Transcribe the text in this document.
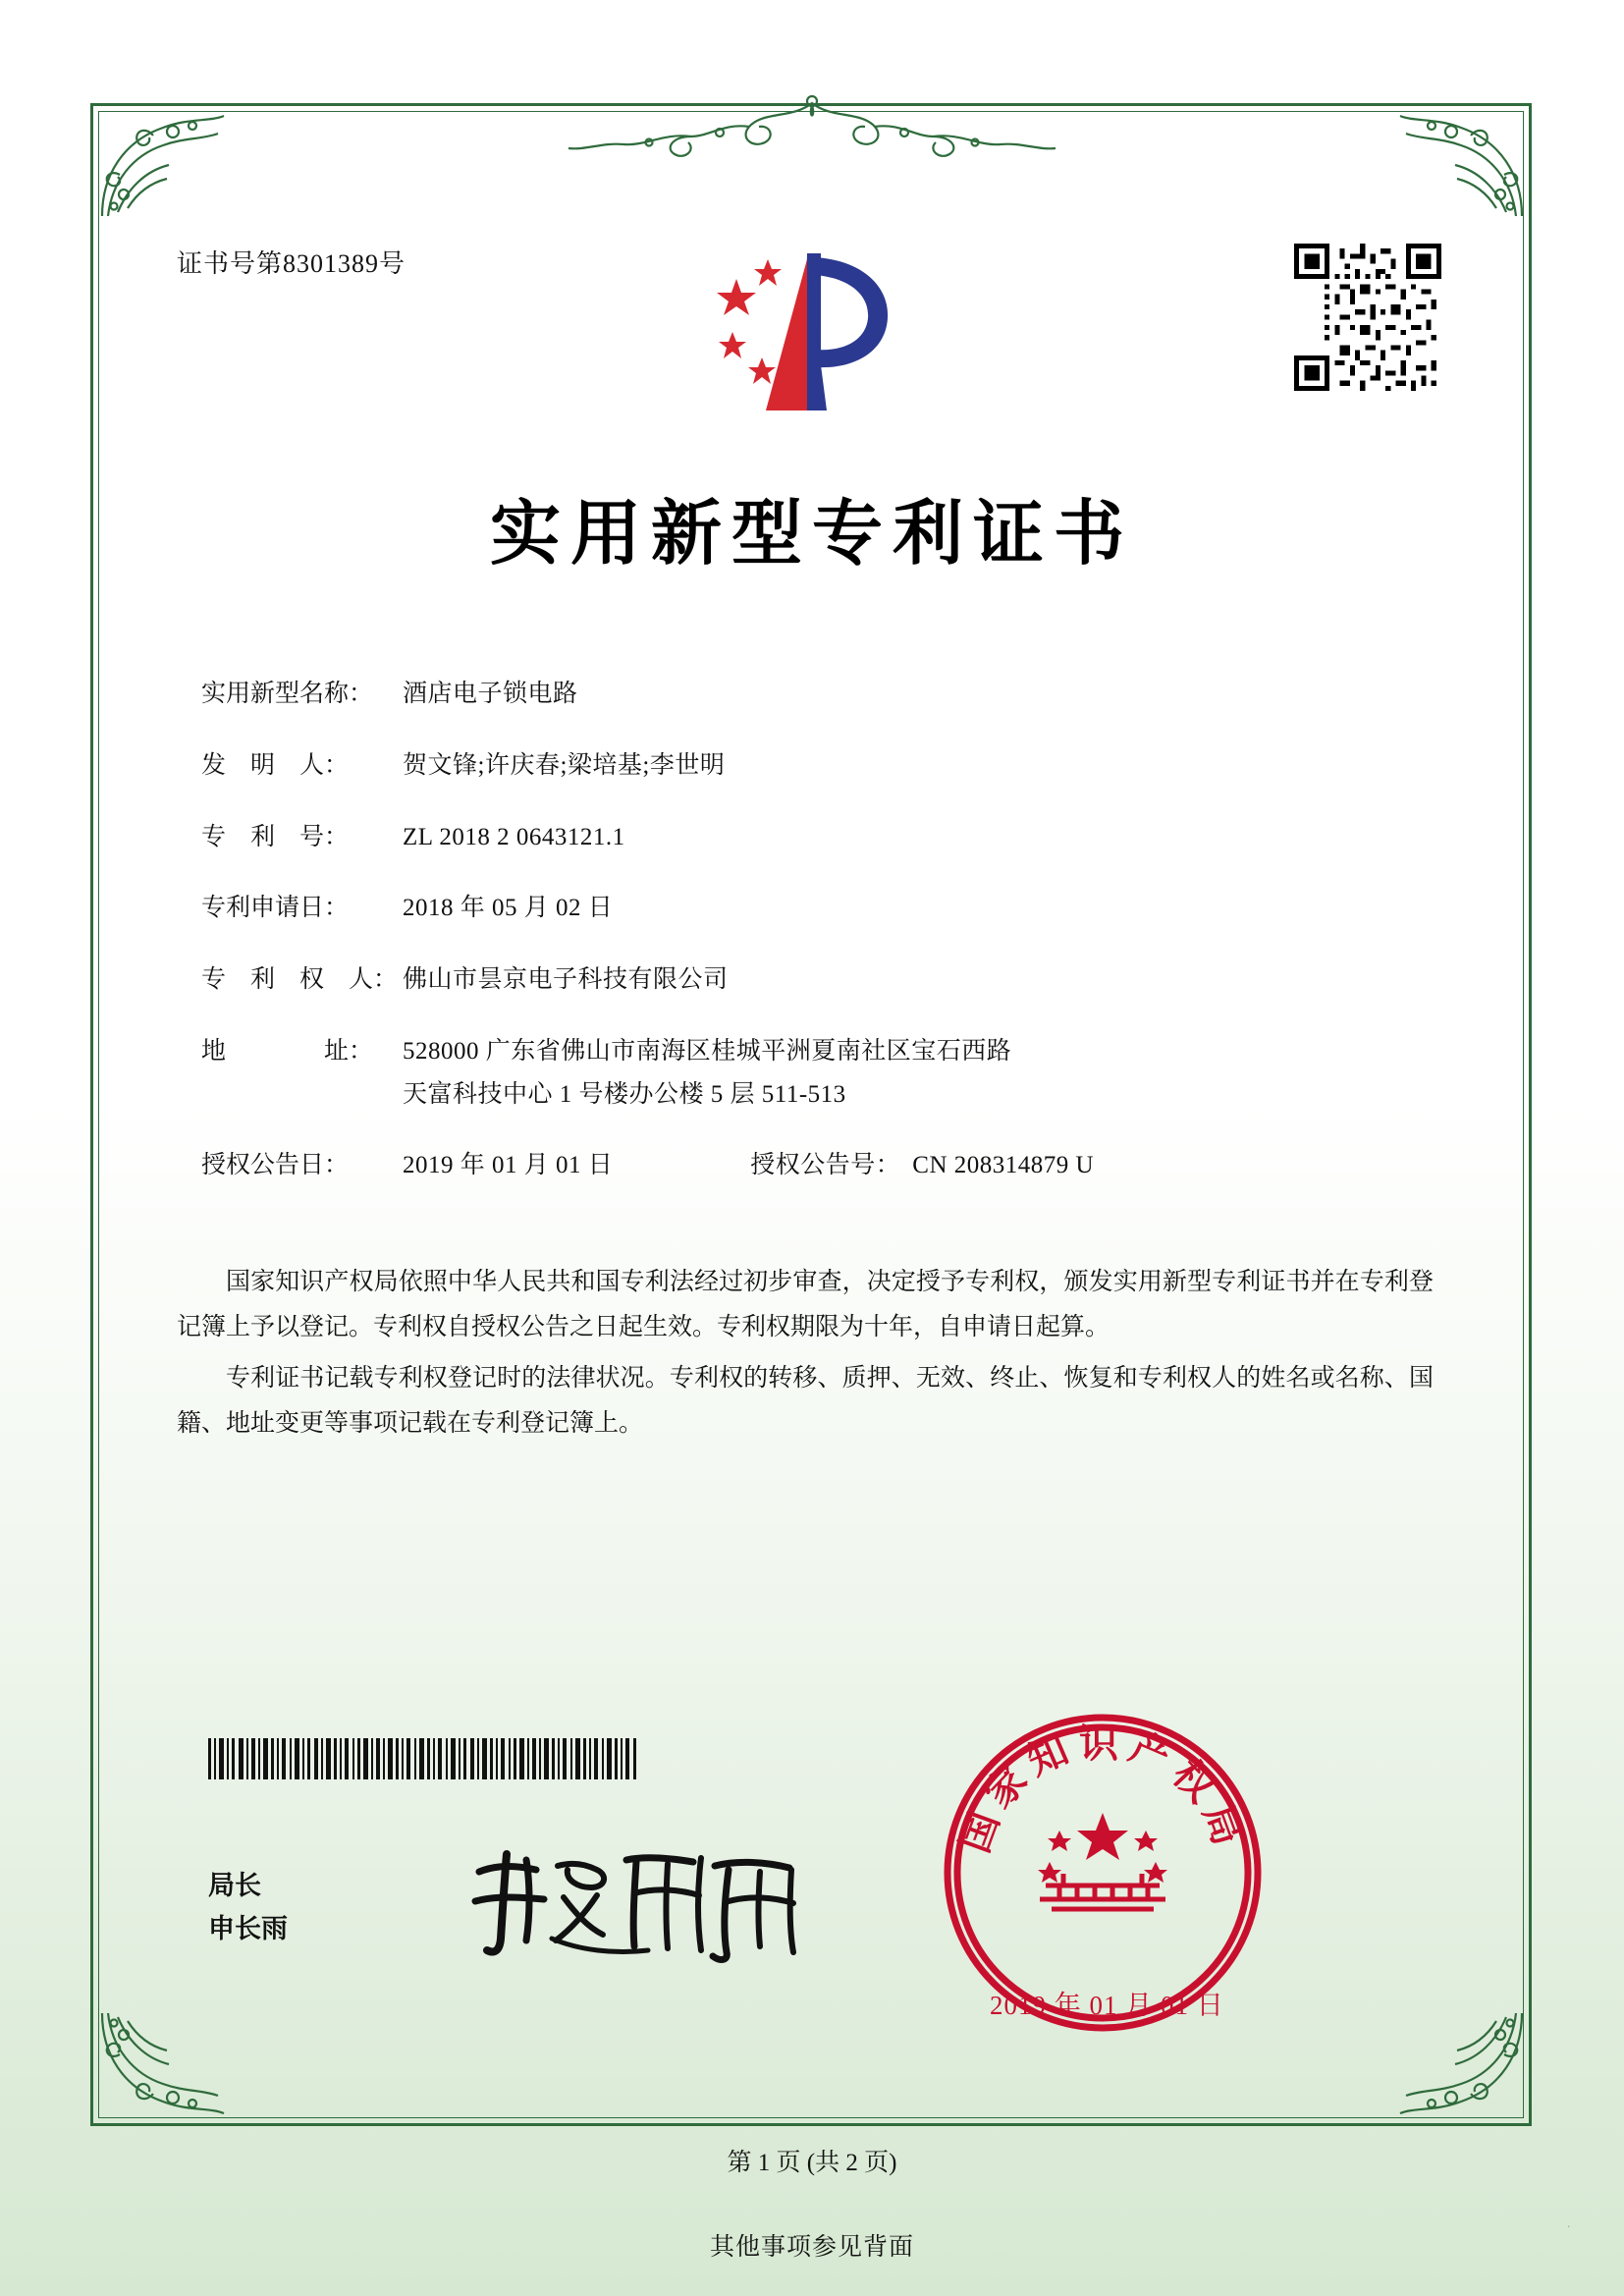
证书号第8301389号
实用新型专利证书
实用新型名称：	酒店电子锁电路
发　明　人：	贺文锋;许庆春;梁培基;李世明
专　利　号：	ZL 2018 2 0643121.1
专利申请日：	2018 年 05 月 02 日
专　利　权　人： 佛山市昙京电子科技有限公司
地　　　　址：	528000 广东省佛山市南海区桂城平洲夏南社区宝石西路
天富科技中心 1 号楼办公楼 5 层 511-513
授权公告日：	2019 年 01 月 01 日	授权公告号： CN 208314879 U

国家知识产权局依照中华人民共和国专利法经过初步审查，决定授予专利权，颁发实用新型专利证书并在专利登记簿上予以登记。专利权自授权公告之日起生效。专利权期限为十年，自申请日起算。

专利证书记载专利权登记时的法律状况。专利权的转移、质押、无效、终止、恢复和专利权人的姓名或名称、国籍、地址变更等事项记载在专利登记簿上。

局长
申长雨
国家知识产权局
2019 年 01 月 01 日
第 1 页 (共 2 页)
其他事项参见背面
.
